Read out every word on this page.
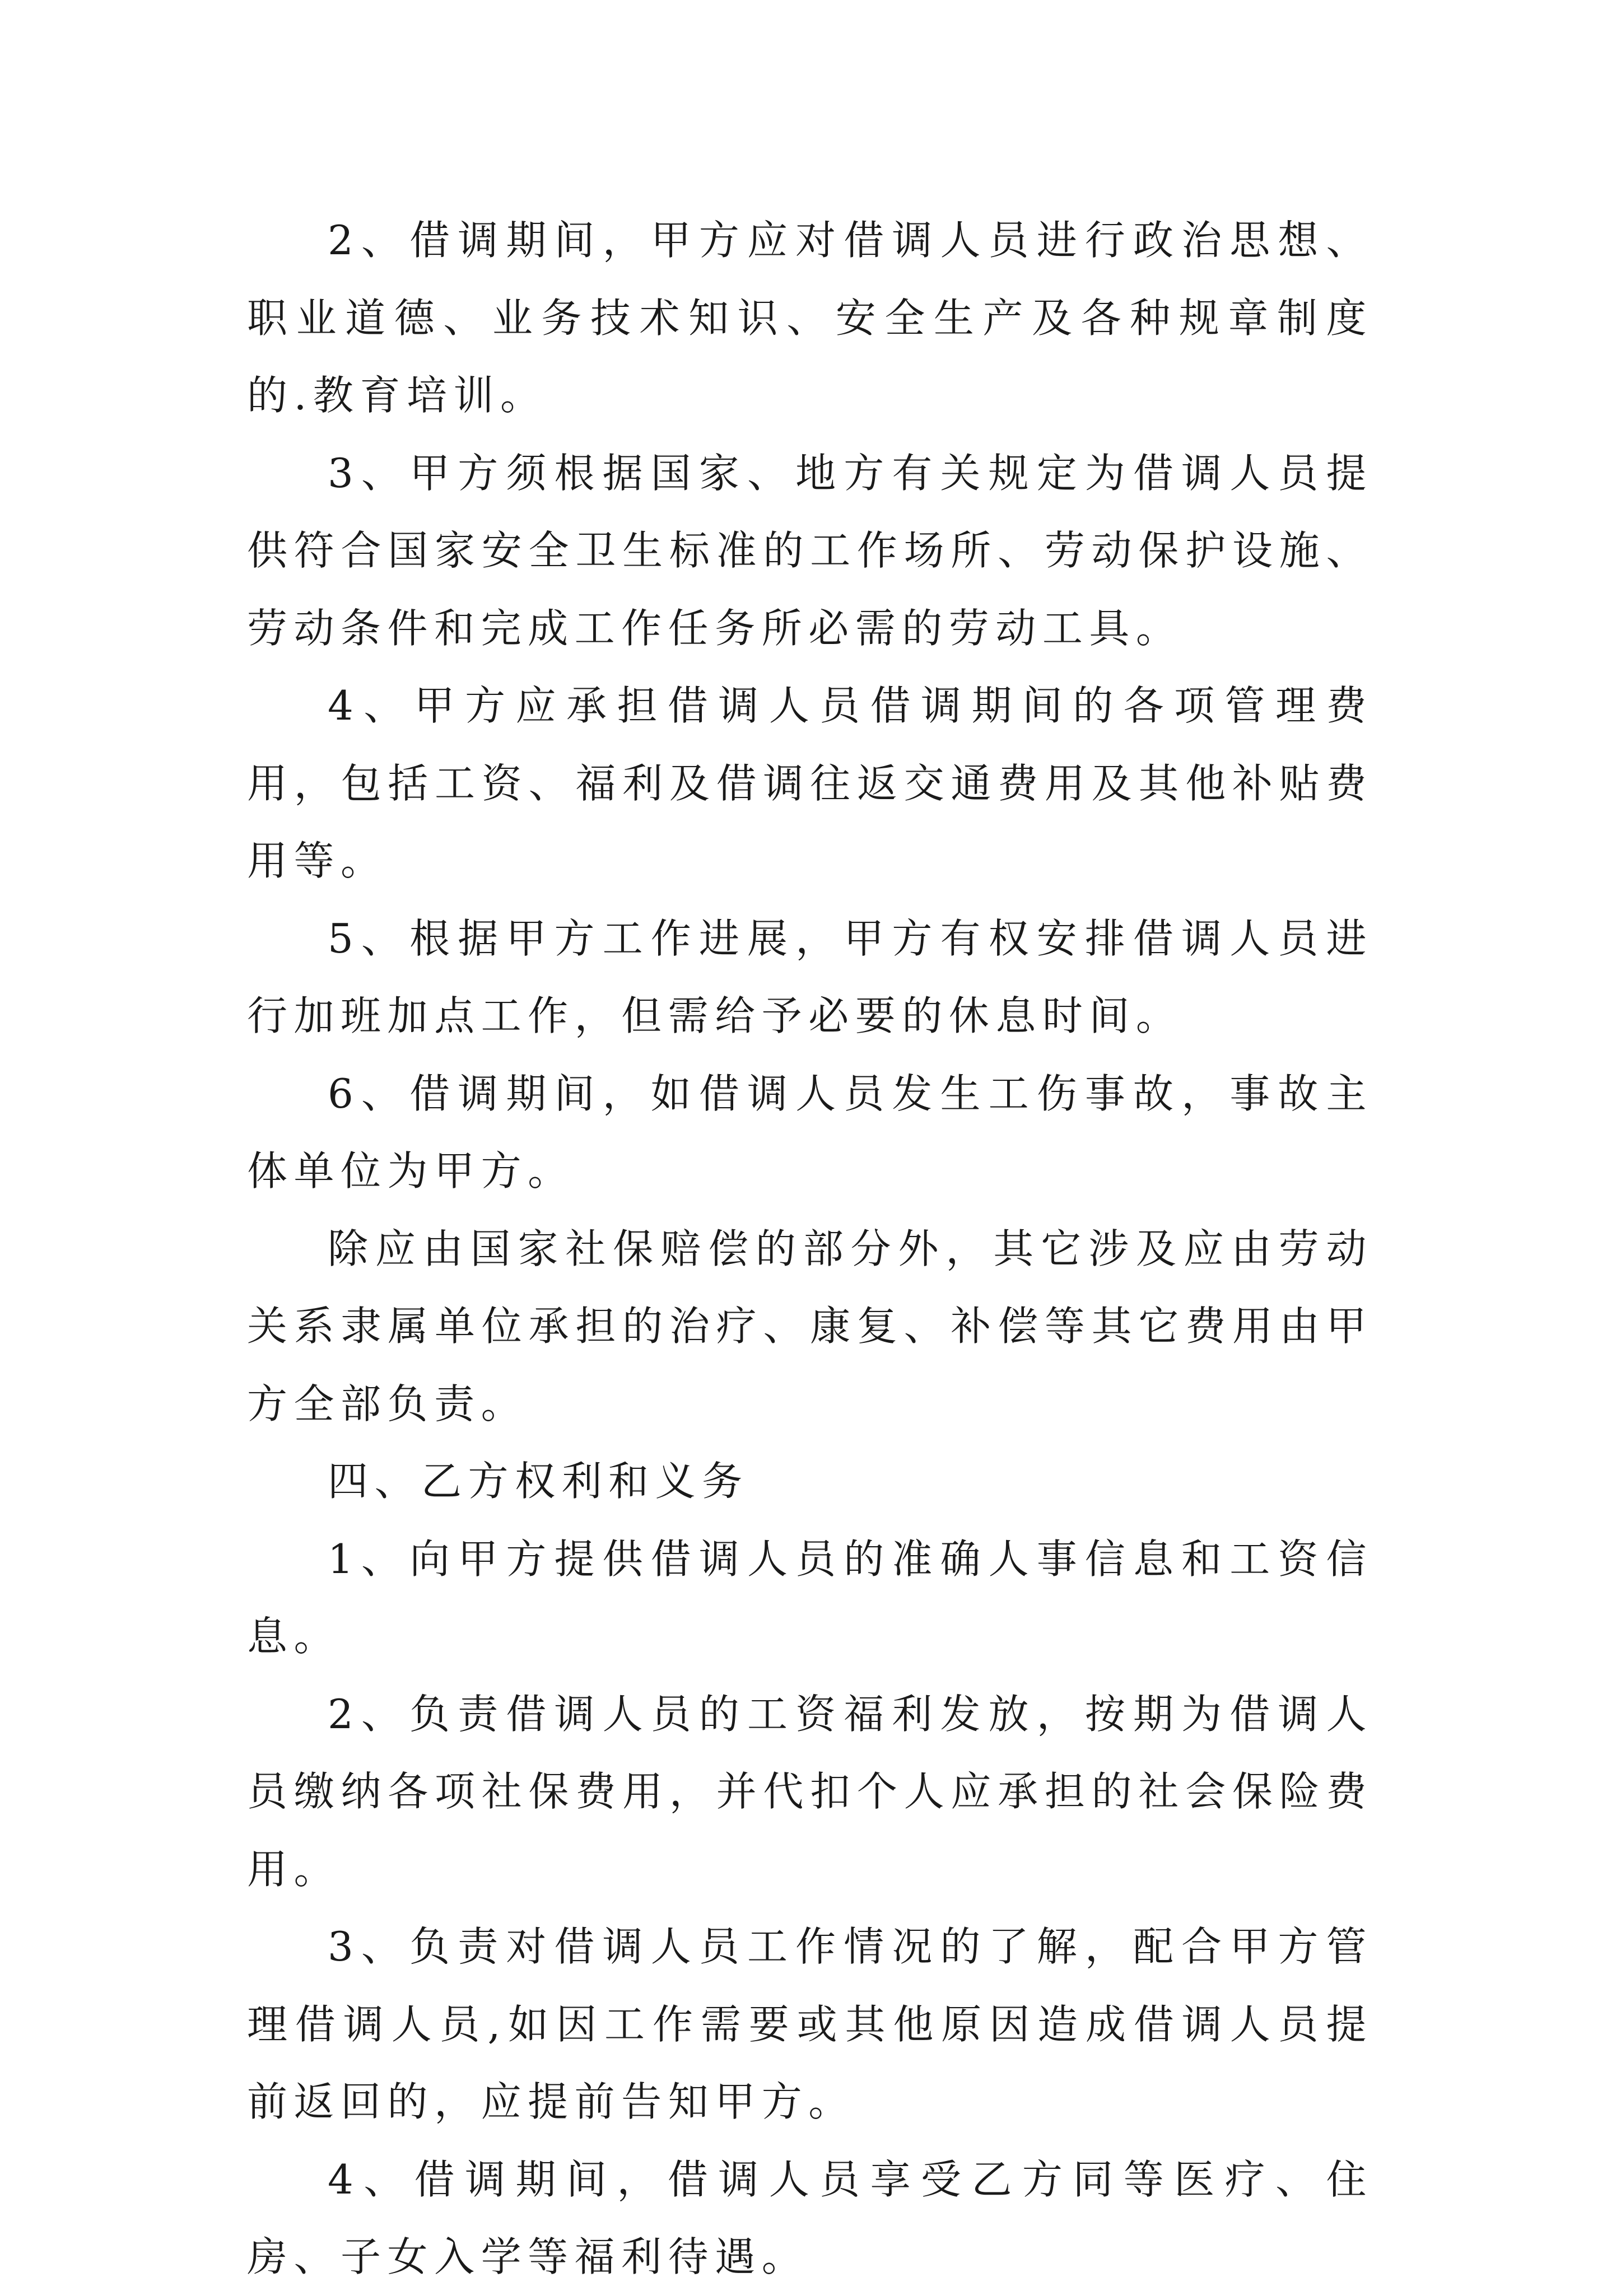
2、借调期间，甲方应对借调人员进行政治思想、职业道德、业务技术知识、安全生产及各种规章制度的.教育培训。

3、甲方须根据国家、地方有关规定为借调人员提供符合国家安全卫生标准的工作场所、劳动保护设施、劳动条件和完成工作任务所必需的劳动工具。

4、甲方应承担借调人员借调期间的各项管理费用，包括工资、福利及借调往返交通费用及其他补贴费用等。

5、根据甲方工作进展，甲方有权安排借调人员进行加班加点工作，但需给予必要的休息时间。

6、借调期间，如借调人员发生工伤事故，事故主体单位为甲方。

除应由国家社保赔偿的部分外，其它涉及应由劳动关系隶属单位承担的治疗、康复、补偿等其它费用由甲方全部负责。

四、乙方权利和义务

1、向甲方提供借调人员的准确人事信息和工资信息。

2、负责借调人员的工资福利发放，按期为借调人员缴纳各项社保费用，并代扣个人应承担的社会保险费用。

3、负责对借调人员工作情况的了解，配合甲方管理借调人员,如因工作需要或其他原因造成借调人员提前返回的，应提前告知甲方。

4、借调期间，借调人员享受乙方同等医疗、住房、子女入学等福利待遇。
